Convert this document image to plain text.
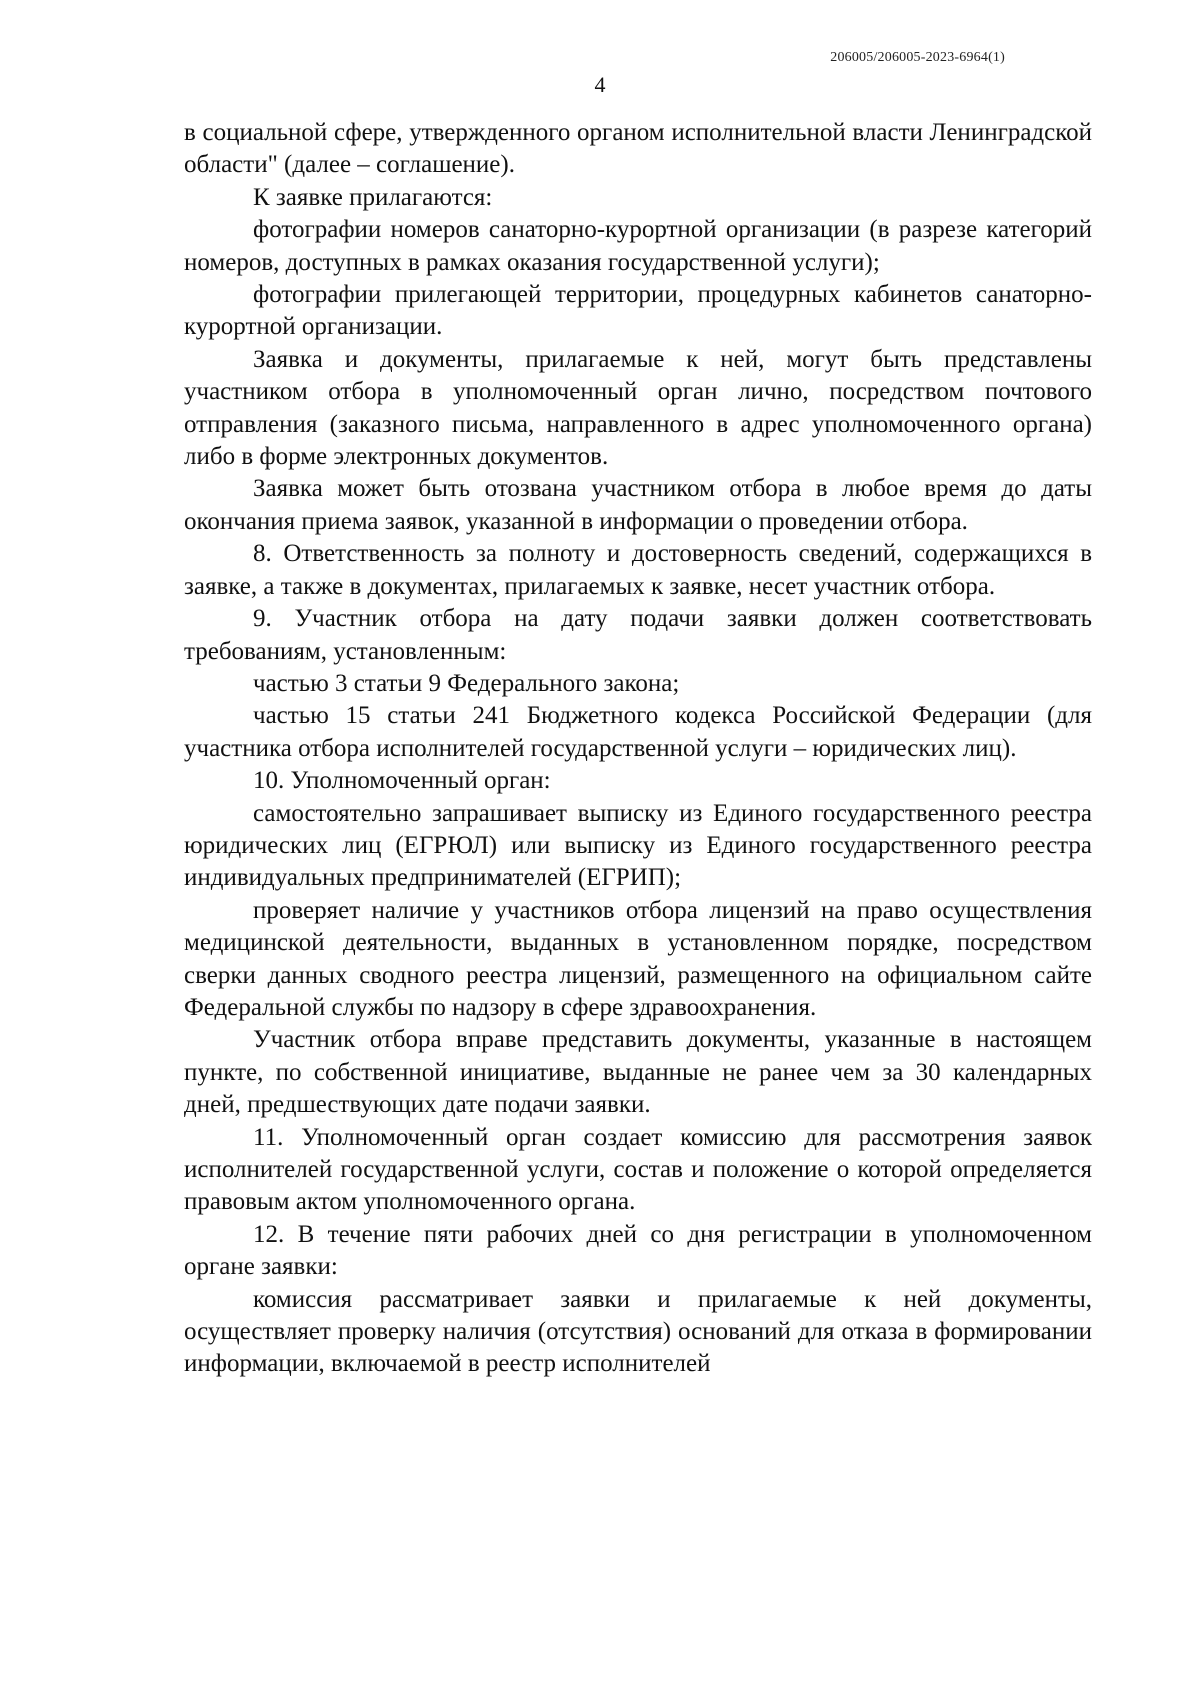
206005/206005-2023-6964(1)
4

в социальной сфере, утвержденного органом исполнительной власти Ленинградской области" (далее – соглашение).

К заявке прилагаются:

фотографии номеров санаторно-курортной организации (в разрезе категорий номеров, доступных в рамках оказания государственной услуги);

фотографии прилегающей территории, процедурных кабинетов санаторно-курортной организации.

Заявка и документы, прилагаемые к ней, могут быть представлены участником отбора в уполномоченный орган лично, посредством почтового отправления (заказного письма, направленного в адрес уполномоченного органа) либо в форме электронных документов.

Заявка может быть отозвана участником отбора в любое время до даты окончания приема заявок, указанной в информации о проведении отбора.

8. Ответственность за полноту и достоверность сведений, содержащихся в заявке, а также в документах, прилагаемых к заявке, несет участник отбора.

9. Участник отбора на дату подачи заявки должен соответствовать требованиям, установленным:

частью 3 статьи 9 Федерального закона;

частью 15 статьи 241 Бюджетного кодекса Российской Федерации (для участника отбора исполнителей государственной услуги – юридических лиц).

10. Уполномоченный орган:

самостоятельно запрашивает выписку из Единого государственного реестра юридических лиц (ЕГРЮЛ) или выписку из Единого государственного реестра индивидуальных предпринимателей (ЕГРИП);

проверяет наличие у участников отбора лицензий на право осуществления медицинской деятельности, выданных в установленном порядке, посредством сверки данных сводного реестра лицензий, размещенного на официальном сайте Федеральной службы по надзору в сфере здравоохранения.

Участник отбора вправе представить документы, указанные в настоящем пункте, по собственной инициативе, выданные не ранее чем за 30 календарных дней, предшествующих дате подачи заявки.

11. Уполномоченный орган создает комиссию для рассмотрения заявок исполнителей государственной услуги, состав и положение о которой определяется правовым актом уполномоченного органа.

12. В течение пяти рабочих дней со дня регистрации в уполномоченном органе заявки:

комиссия рассматривает заявки и прилагаемые к ней документы, осуществляет проверку наличия (отсутствия) оснований для отказа в формировании информации, включаемой в реестр исполнителей
